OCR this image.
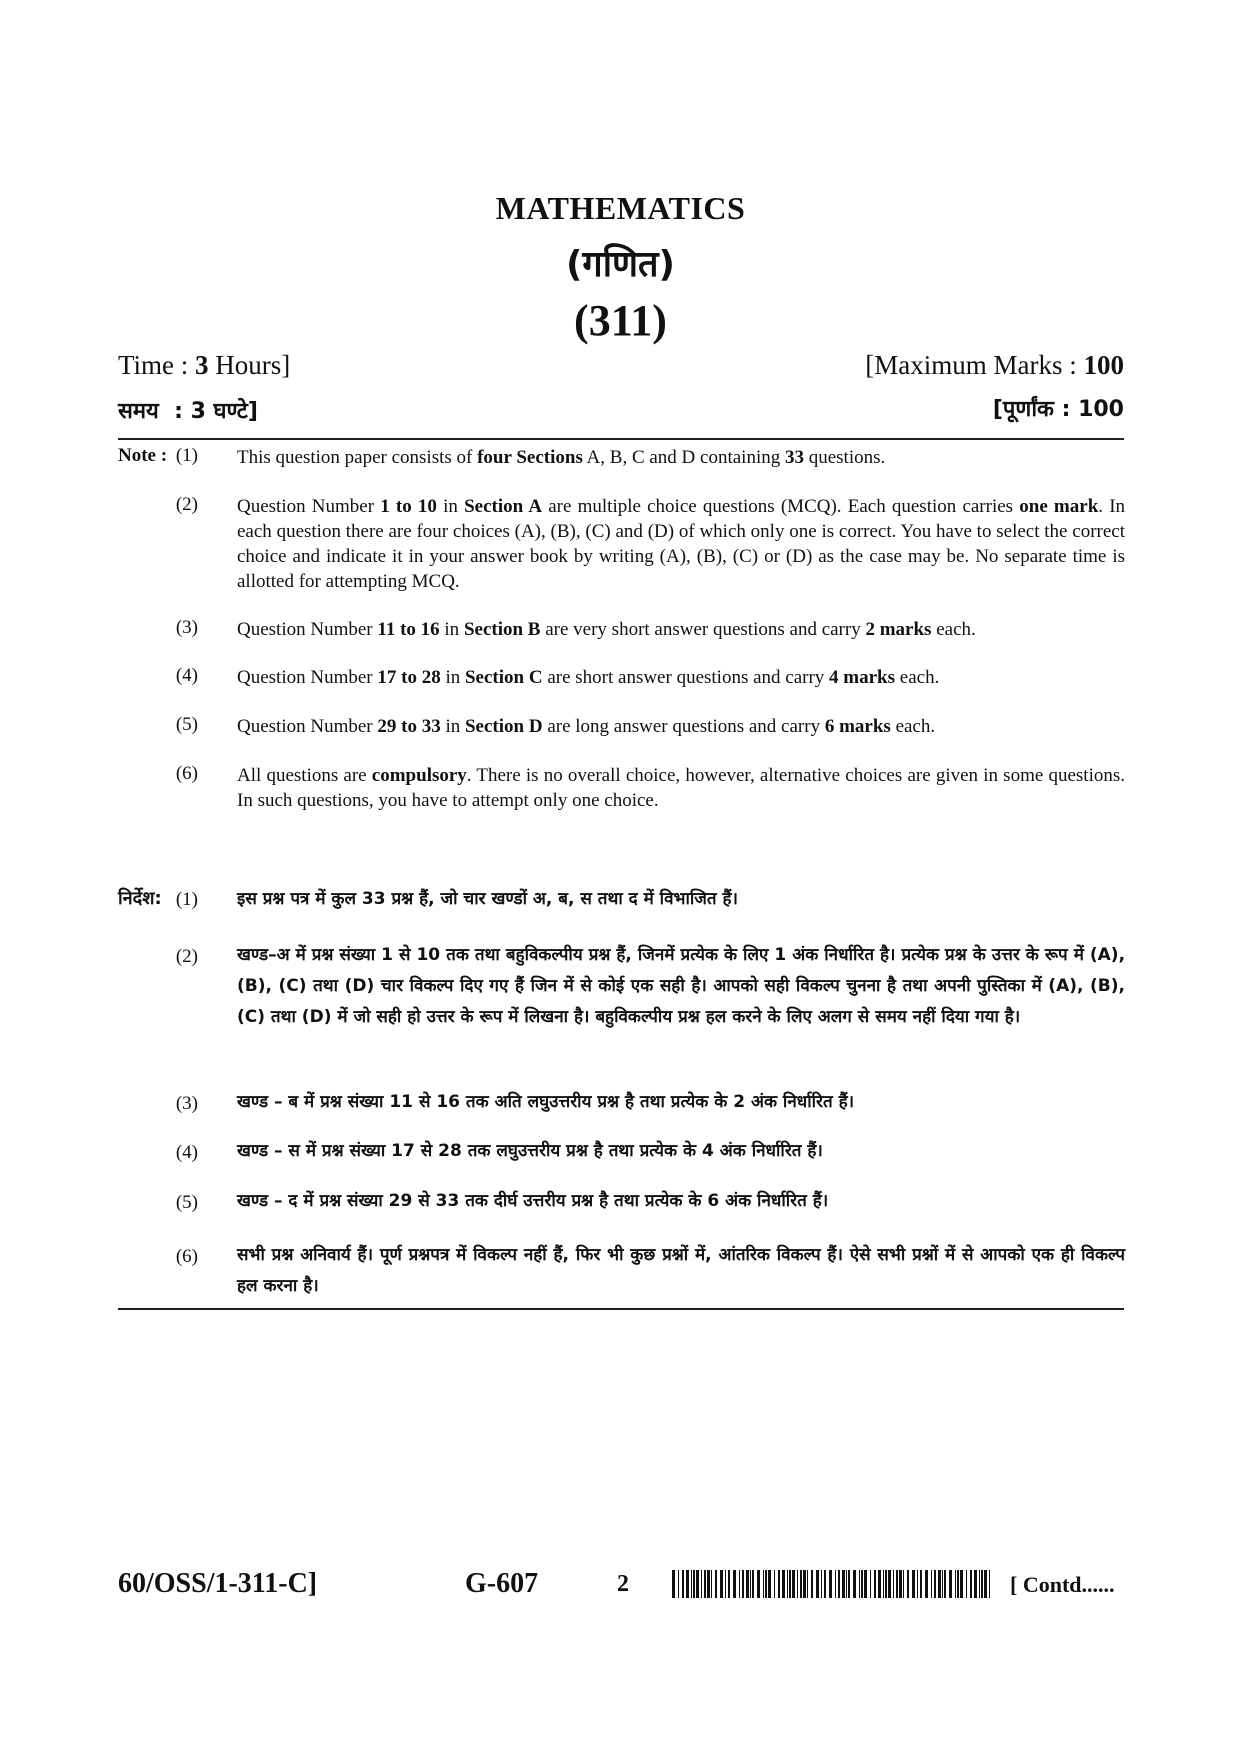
MATHEMATICS
(गणित)
(311)
Time : 3 Hours]	[Maximum Marks : 100
समय : 3 घण्टे]	[पूर्णांक : 100
Note : (1) This question paper consists of four Sections A, B, C and D containing 33 questions.
(2) Question Number 1 to 10 in Section A are multiple choice questions (MCQ). Each question carries one mark. In each question there are four choices (A), (B), (C) and (D) of which only one is correct. You have to select the correct choice and indicate it in your answer book by writing (A), (B), (C) or (D) as the case may be. No separate time is allotted for attempting MCQ.
(3) Question Number 11 to 16 in Section B are very short answer questions and carry 2 marks each.
(4) Question Number 17 to 28 in Section C are short answer questions and carry 4 marks each.
(5) Question Number 29 to 33 in Section D are long answer questions and carry 6 marks each.
(6) All questions are compulsory. There is no overall choice, however, alternative choices are given in some questions. In such questions, you have to attempt only one choice.
निर्देश: (1) इस प्रश्न पत्र में कुल 33 प्रश्न हैं, जो चार खण्डों अ, ब, स तथा द में विभाजित हैं।
(2) खण्ड–अ में प्रश्न संख्या 1 से 10 तक तथा बहुविकल्पीय प्रश्न हैं, जिनमें प्रत्येक के लिए 1 अंक निर्धारित है। प्रत्येक प्रश्न के उत्तर के रूप में (A), (B), (C) तथा (D) चार विकल्प दिए गए हैं जिन में से कोई एक सही है। आपको सही विकल्प चुनना है तथा अपनी पुस्तिका में (A), (B), (C) तथा (D) में जो सही हो उत्तर के रूप में लिखना है। बहुविकल्पीय प्रश्न हल करने के लिए अलग से समय नहीं दिया गया है।
(3) खण्ड – ब में प्रश्न संख्या 11 से 16 तक अति लघुउत्तरीय प्रश्न है तथा प्रत्येक के 2 अंक निर्धारित हैं।
(4) खण्ड – स में प्रश्न संख्या 17 से 28 तक लघुउत्तरीय प्रश्न है तथा प्रत्येक के 4 अंक निर्धारित हैं।
(5) खण्ड – द में प्रश्न संख्या 29 से 33 तक दीर्घ उत्तरीय प्रश्न है तथा प्रत्येक के 6 अंक निर्धारित हैं।
(6) सभी प्रश्न अनिवार्य हैं। पूर्ण प्रश्नपत्र में विकल्प नहीं हैं, फिर भी कुछ प्रश्नों में, आंतरिक विकल्प हैं। ऐसे सभी प्रश्नों में से आपको एक ही विकल्प हल करना है।
60/OSS/1-311-C]	G-607	2	[ Contd......
